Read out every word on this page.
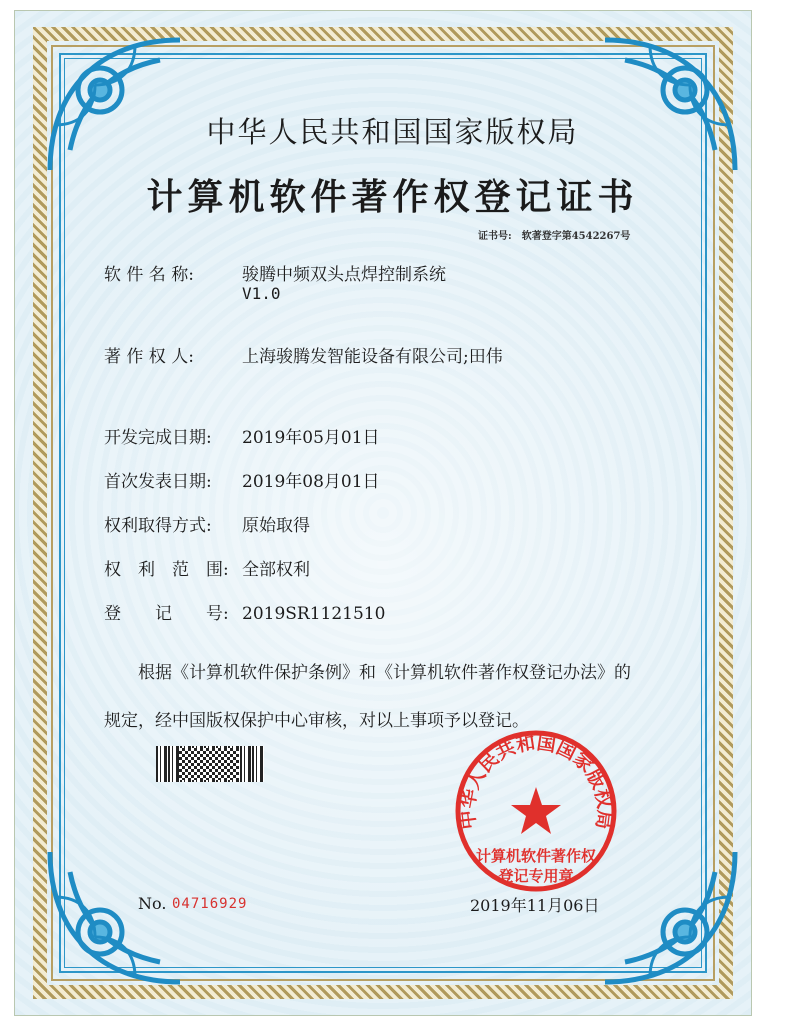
中华人民共和国国家版权局
计算机软件著作权登记证书
证书号: 软著登字第4542267号
软 件 名 称:	骏腾中频双头点焊控制系统
V1.0
著 作 权 人:	上海骏腾发智能设备有限公司;田伟
开发完成日期: 2019年05月01日
首次发表日期: 2019年08月01日
权利取得方式: 原始取得
权　利　范　围: 全部权利
登　　记　　号: 2019SR1121510
根据《计算机软件保护条例》和《计算机软件著作权登记办法》的
规定，经中国版权保护中心审核，对以上事项予以登记。
中华人民共和国国家版权局
计算机软件著作权
登记专用章
No. 04716929	2019年11月06日
